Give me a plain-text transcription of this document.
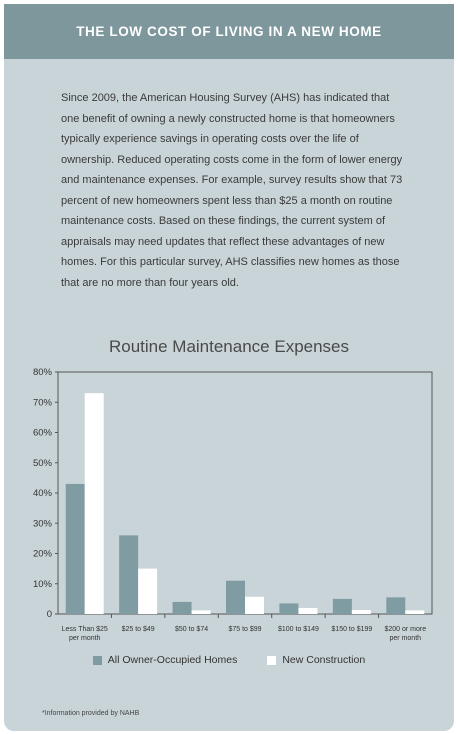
THE LOW COST OF LIVING IN A NEW HOME
Since 2009, the American Housing Survey (AHS) has indicated that one benefit of owning a newly constructed home is that homeowners typically experience savings in operating costs over the life of ownership. Reduced operating costs come in the form of lower energy and maintenance expenses. For example, survey results show that 73 percent of new homeowners spent less than $25 a month on routine maintenance costs. Based on these findings, the current system of appraisals may need updates that reflect these advantages of new homes. For this particular survey, AHS classifies new homes as those that are no more than four years old.
Routine Maintenance Expenses
0
10%
20%
30%
40%
50%
60%
70%
80%
Less Than $25
per month
$25 to $49	$50 to $74	$75 to $99 $100 to $149 $150 to $199 $200 or more
per month
All Owner-Occupied Homes	New Construction
*Information provided by NAHB
